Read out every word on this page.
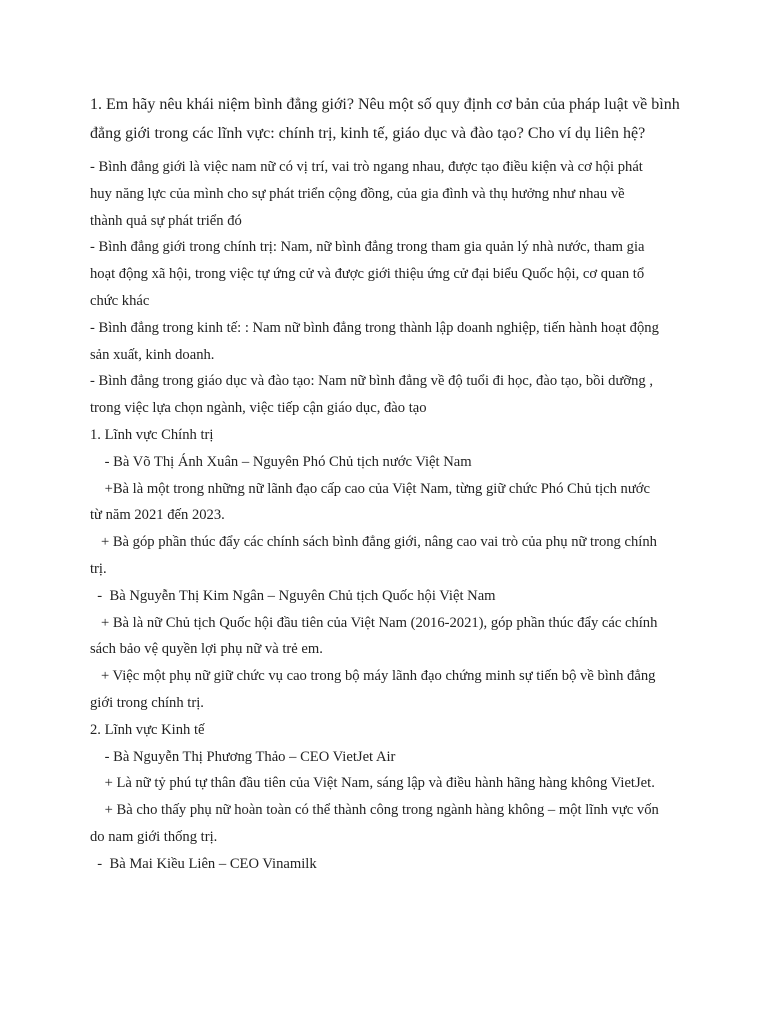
1. Em hãy nêu khái niệm bình đẳng giới? Nêu một số quy định cơ bản của pháp luật về bình đẳng giới trong các lĩnh vực: chính trị, kinh tế, giáo dục và đào tạo? Cho ví dụ liên hệ?

- Bình đẳng giới là việc nam nữ có vị trí, vai trò ngang nhau, được tạo điều kiện và cơ hội phát

huy năng lực của mình cho sự phát triển cộng đồng, của gia đình và thụ hưởng như nhau về

thành quả sự phát triển đó

- Bình đẳng giới trong chính trị: Nam, nữ bình đẳng trong tham gia quản lý nhà nước, tham gia

hoạt động xã hội, trong việc tự ứng cử và được giới thiệu ứng cử đại biểu Quốc hội, cơ quan tổ

chức khác

- Bình đẳng trong kinh tế: : Nam nữ bình đẳng trong thành lập doanh nghiệp, tiến hành hoạt động

sản xuất, kinh doanh.

- Bình đẳng trong giáo dục và đào tạo: Nam nữ bình đẳng về độ tuổi đi học, đào tạo, bồi dưỡng ,

trong việc lựa chọn ngành, việc tiếp cận giáo dục, đào tạo

1. Lĩnh vực Chính trị

- Bà Võ Thị Ánh Xuân – Nguyên Phó Chủ tịch nước Việt Nam

+Bà là một trong những nữ lãnh đạo cấp cao của Việt Nam, từng giữ chức Phó Chủ tịch nước

từ năm 2021 đến 2023.

+ Bà góp phần thúc đẩy các chính sách bình đẳng giới, nâng cao vai trò của phụ nữ trong chính

trị.

-  Bà Nguyễn Thị Kim Ngân – Nguyên Chủ tịch Quốc hội Việt Nam

+ Bà là nữ Chủ tịch Quốc hội đầu tiên của Việt Nam (2016-2021), góp phần thúc đẩy các chính

sách bảo vệ quyền lợi phụ nữ và trẻ em.

+ Việc một phụ nữ giữ chức vụ cao trong bộ máy lãnh đạo chứng minh sự tiến bộ về bình đẳng

giới trong chính trị.

2. Lĩnh vực Kinh tế

- Bà Nguyễn Thị Phương Thảo – CEO VietJet Air

+ Là nữ tỷ phú tự thân đầu tiên của Việt Nam, sáng lập và điều hành hãng hàng không VietJet.

+ Bà cho thấy phụ nữ hoàn toàn có thể thành công trong ngành hàng không – một lĩnh vực vốn

do nam giới thống trị.

-  Bà Mai Kiều Liên – CEO Vinamilk
